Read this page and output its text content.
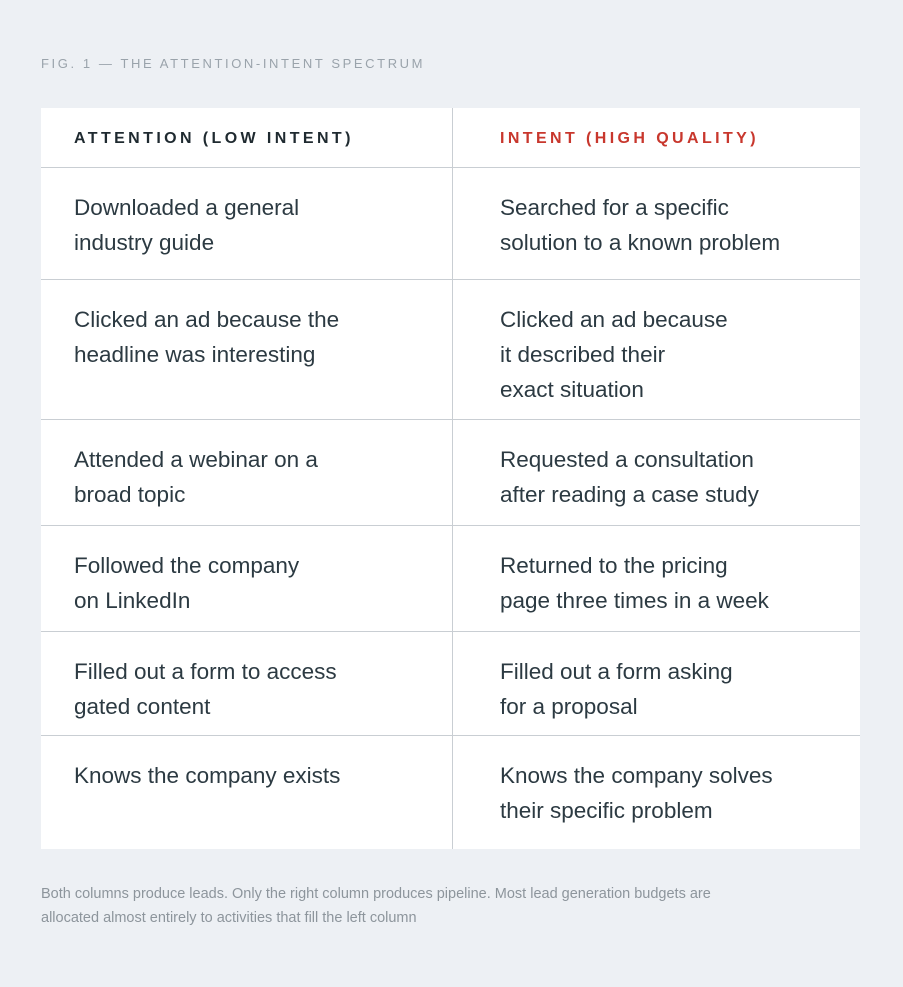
FIG. 1 — THE ATTENTION-INTENT SPECTRUM
ATTENTION (LOW INTENT)	INTENT (HIGH QUALITY)
Downloaded a general
industry guide
Searched for a specific
solution to a known problem
Clicked an ad because the
headline was interesting
Clicked an ad because
it described their
exact situation
Attended a webinar on a
broad topic
Requested a consultation
after reading a case study
Followed the company
on LinkedIn
Returned to the pricing
page three times in a week
Filled out a form to access
gated content
Filled out a form asking
for a proposal
Knows the company exists	Knows the company solves
their specific problem
Both columns produce leads. Only the right column produces pipeline. Most lead generation budgets are
allocated almost entirely to activities that fill the left column
